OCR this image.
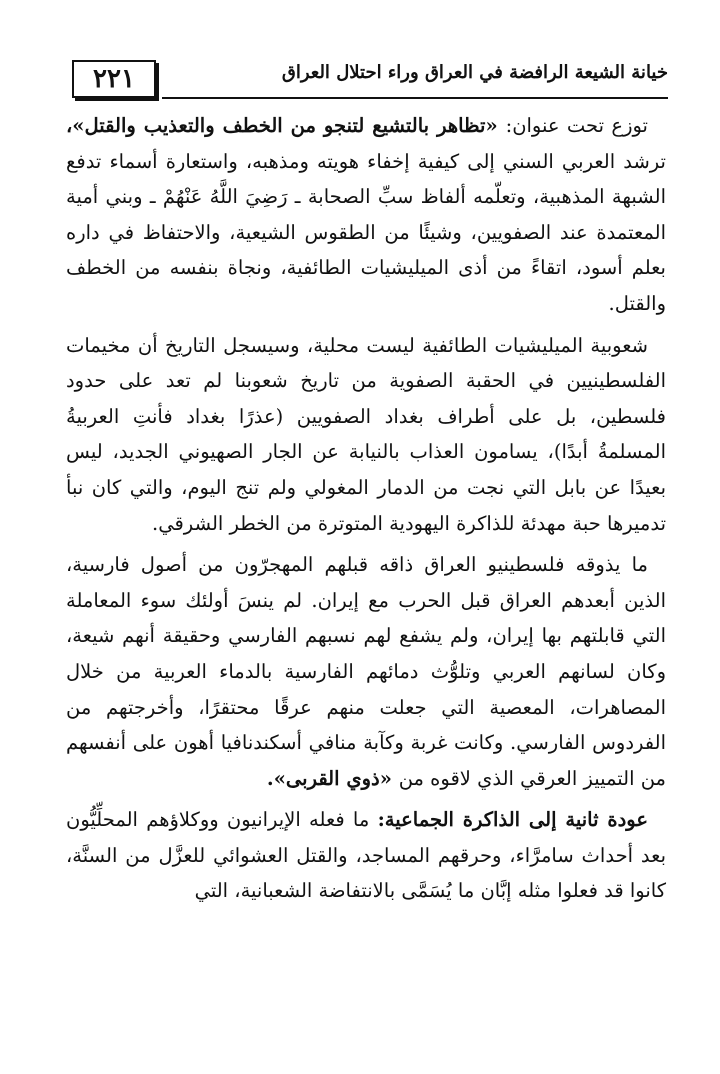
٢٢١	خيانة الشيعة الرافضة في العراق وراء احتلال العراق

توزع تحت عنوان: «تظاهر بالتشيع لتنجو من الخطف والتعذيب والقتل»، ترشد العربي السني إلى كيفية إخفاء هويته ومذهبه، واستعارة أسماء تدفع الشبهة المذهبية، وتعلّمه ألفاظ سبِّ الصحابة ـ رَضِيَ اللَّهُ عَنْهُمْ ـ وبني أمية المعتمدة عند الصفويين، وشيئًا من الطقوس الشيعية، والاحتفاظ في داره بعلم أسود، اتقاءً من أذى الميليشيات الطائفية، ونجاة بنفسه من الخطف والقتل.

شعوبية الميليشيات الطائفية ليست محلية، وسيسجل التاريخ أن مخيمات الفلسطينيين في الحقبة الصفوية من تاريخ شعوبنا لم تعد على حدود فلسطين، بل على أطراف بغداد الصفويين (عذرًا بغداد فأنتِ العربيةُ المسلمةُ أبدًا)، يسامون العذاب بالنيابة عن الجار الصهيوني الجديد، ليس بعيدًا عن بابل التي نجت من الدمار المغولي ولم تنج اليوم، والتي كان نبأ تدميرها حبة مهدئة للذاكرة اليهودية المتوترة من الخطر الشرقي.

ما يذوقه فلسطينيو العراق ذاقه قبلهم المهجرّون من أصول فارسية، الذين أبعدهم العراق قبل الحرب مع إيران. لم ينسَ أولئك سوء المعاملة التي قابلتهم بها إيران، ولم يشفع لهم نسبهم الفارسي وحقيقة أنهم شيعة، وكان لسانهم العربي وتلوُّث دمائهم الفارسية بالدماء العربية من خلال المصاهرات، المعصية التي جعلت منهم عرقًا محتقرًا، وأخرجتهم من الفردوس الفارسي. وكانت غربة وكآبة منافي أسكندنافيا أهون على أنفسهم من التمييز العرقي الذي لاقوه من «ذوي القربى».

عودة ثانية إلى الذاكرة الجماعية: ما فعله الإيرانيون ووكلاؤهم المحلِّيُّون بعد أحداث سامرَّاء، وحرقهم المساجد، والقتل العشوائي للعزَّل من السنَّة، كانوا قد فعلوا مثله إبَّان ما يُسَمَّى بالانتفاضة الشعبانية، التي
